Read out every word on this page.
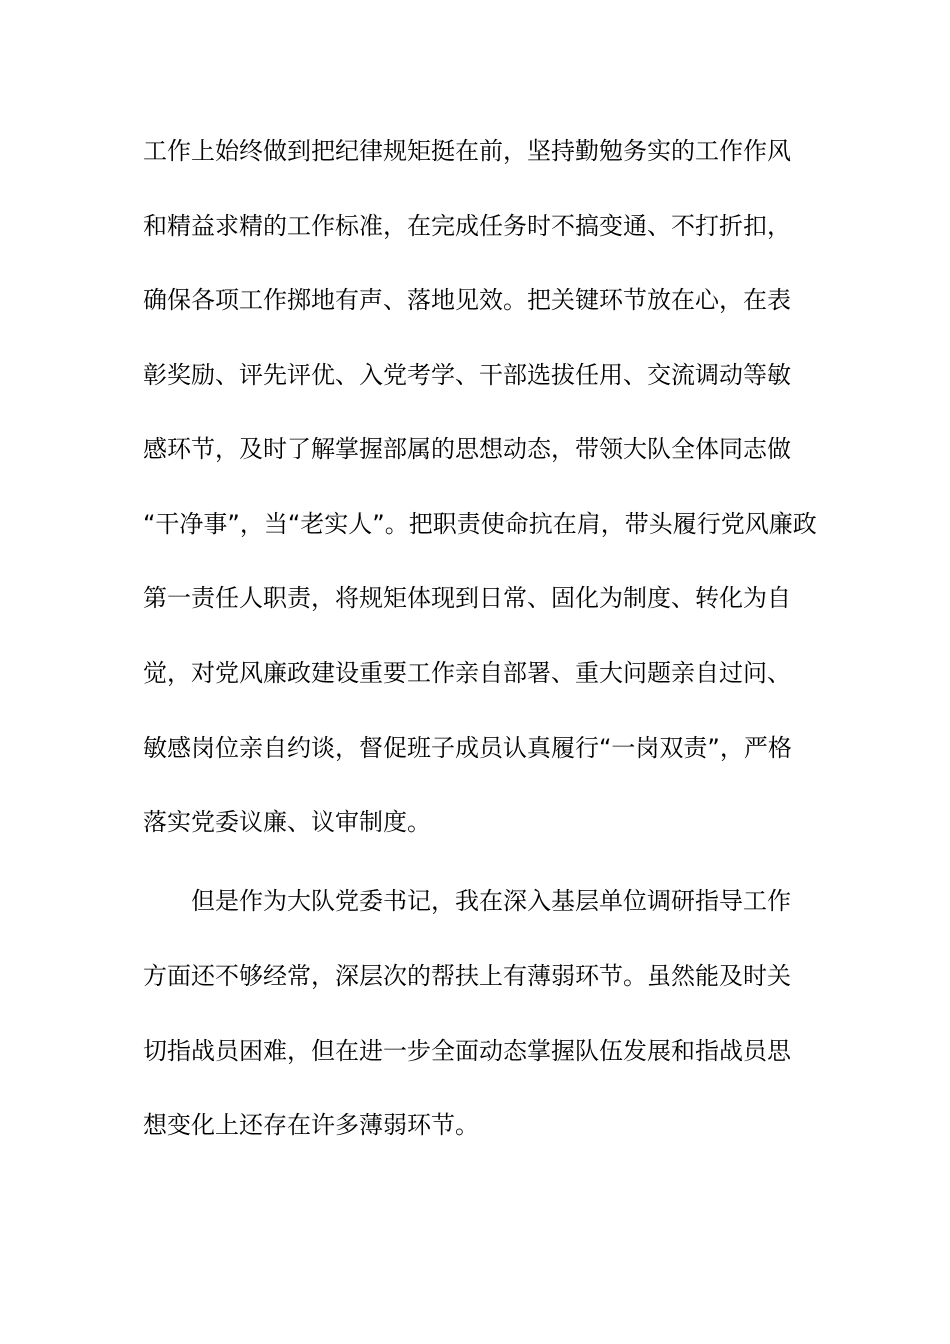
工作上始终做到把纪律规矩挺在前，坚持勤勉务实的工作作风
和精益求精的工作标准，在完成任务时不搞变通、不打折扣，
确保各项工作掷地有声、落地见效。把关键环节放在心，在表
彰奖励、评先评优、入党考学、干部选拔任用、交流调动等敏
感环节，及时了解掌握部属的思想动态，带领大队全体同志做
“干净事”，当“老实人”。把职责使命抗在肩，带头履行党风廉政
第一责任人职责，将规矩体现到日常、固化为制度、转化为自
觉，对党风廉政建设重要工作亲自部署、重大问题亲自过问、
敏感岗位亲自约谈，督促班子成员认真履行“一岗双责”，严格
落实党委议廉、议审制度。
但是作为大队党委书记，我在深入基层单位调研指导工作
方面还不够经常，深层次的帮扶上有薄弱环节。虽然能及时关
切指战员困难，但在进一步全面动态掌握队伍发展和指战员思
想变化上还存在许多薄弱环节。
